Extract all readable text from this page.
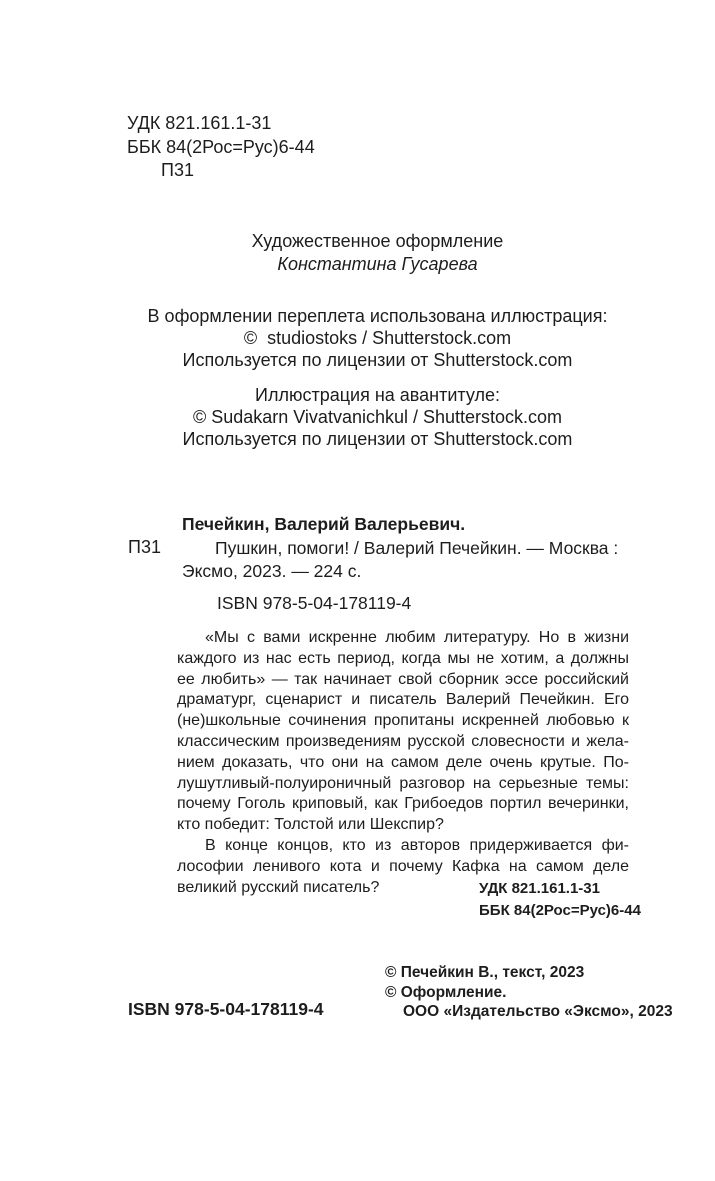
УДК 821.161.1-31
ББК 84(2Рос=Рус)6-44
П31
Художественное оформление
Константина Гусарева
В оформлении переплета использована иллюстрация:
©  studiostoks / Shutterstock.com
Используется по лицензии от Shutterstock.com
Иллюстрация на авантитуле:
© Sudakarn Vivatvanichkul / Shutterstock.com
Используется по лицензии от Shutterstock.com
П31
Печейкин, Валерий Валерьевич.
Пушкин, помоги! / Валерий Печейкин. — Москва :
Эксмо, 2023. — 224 с.
ISBN 978-5-04-178119-4
«Мы с вами искренне любим литературу. Но в жизни
каждого из нас есть период, когда мы не хотим, а должны
ее любить» — так начинает свой сборник эссе российский
драматург, сценарист и писатель Валерий Печейкин. Его
(не)школьные сочинения пропитаны искренней любовью к
классическим произведениям русской словесности и жела-
нием доказать, что они на самом деле очень крутые. По-
лушутливый-полуироничный разговор на серьезные темы:
почему Гоголь криповый, как Грибоедов портил вечеринки,
кто победит: Толстой или Шекспир?
В конце концов, кто из авторов придерживается фи-
лософии ленивого кота и почему Кафка на самом деле
великий русский писатель?	УДК 821.161.1-31
ББК 84(2Рос=Рус)6-44
ISBN 978-5-04-178119-4
© Печейкин В., текст, 2023
© Оформление.
ООО «Издательство «Эксмо», 2023
